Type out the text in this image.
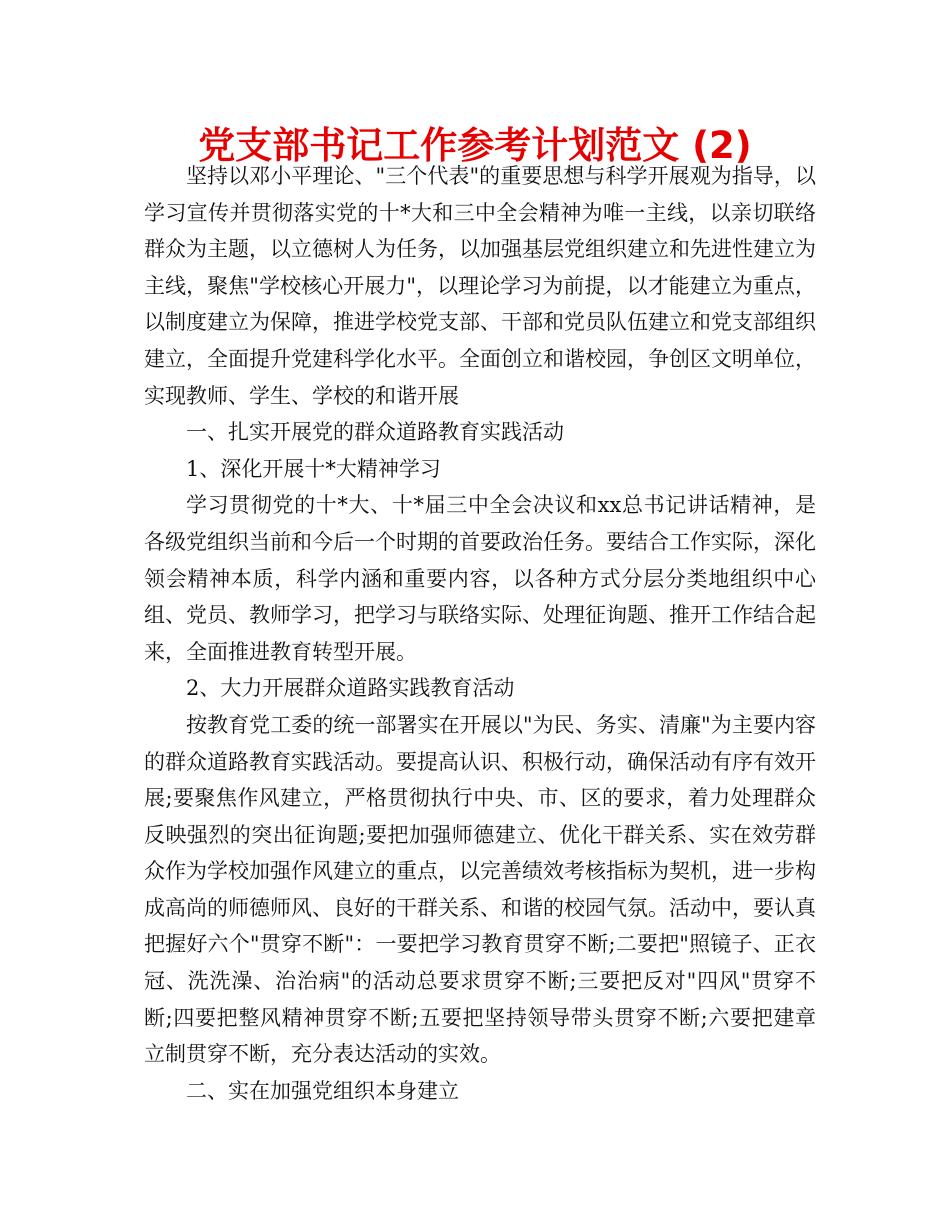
党支部书记工作参考计划范文 (2)

坚持以邓小平理论、"三个代表"的重要思想与科学开展观为指导，以学习宣传并贯彻落实党的十*大和三中全会精神为唯一主线，以亲切联络群众为主题，以立德树人为任务，以加强基层党组织建立和先进性建立为主线，聚焦"学校核心开展力"，以理论学习为前提，以才能建立为重点，以制度建立为保障，推进学校党支部、干部和党员队伍建立和党支部组织建立，全面提升党建科学化水平。全面创立和谐校园，争创区文明单位，实现教师、学生、学校的和谐开展

一、扎实开展党的群众道路教育实践活动

1、深化开展十*大精神学习

学习贯彻党的十*大、十*届三中全会决议和xx总书记讲话精神，是各级党组织当前和今后一个时期的首要政治任务。要结合工作实际，深化领会精神本质，科学内涵和重要内容，以各种方式分层分类地组织中心组、党员、教师学习，把学习与联络实际、处理征询题、推开工作结合起来，全面推进教育转型开展。

2、大力开展群众道路实践教育活动

按教育党工委的统一部署实在开展以"为民、务实、清廉"为主要内容的群众道路教育实践活动。要提高认识、积极行动，确保活动有序有效开展;要聚焦作风建立，严格贯彻执行中央、市、区的要求，着力处理群众反映强烈的突出征询题;要把加强师德建立、优化干群关系、实在效劳群众作为学校加强作风建立的重点，以完善绩效考核指标为契机，进一步构成高尚的师德师风、良好的干群关系、和谐的校园气氛。活动中，要认真把握好六个"贯穿不断"：一要把学习教育贯穿不断;二要把"照镜子、正衣冠、洗洗澡、治治病"的活动总要求贯穿不断;三要把反对"四风"贯穿不断;四要把整风精神贯穿不断;五要把坚持领导带头贯穿不断;六要把建章立制贯穿不断，充分表达活动的实效。

二、实在加强党组织本身建立
